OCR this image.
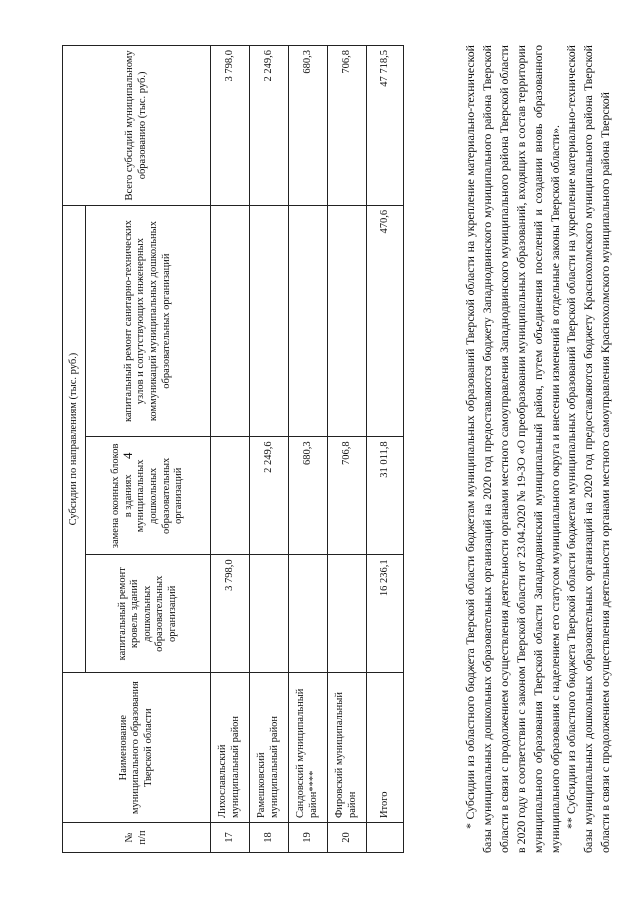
4
№ п/п	Наименование муниципального образования Тверской области	Субсидии по направлениям (тыс. руб.)			Всего субсидий муниципальному образованию (тыс. руб.)
		капитальный ремонт кровель зданий дошкольных образовательных организаций	замена оконных блоков в зданиях муниципальных дошкольных образовательных организаций	капитальный ремонт санитарно-технических узлов и сопутствующих инженерных коммуникаций муниципальных дошкольных образовательных организаций	
17	Лихославльский муниципальный район	3 798,0			3 798,0
18	Рамешковский муниципальный район		2 249,6		2 249,6
19	Сандовский муниципальный район****		680,3		680,3
20	Фировский муниципальный район		706,8		706,8
	Итого	16 236,1	31 011,8	470,6	47 718,5	* Субсидии из областного бюджета Тверской области бюджетам муниципальных образований Тверской области на укрепление материально-технической базы муниципальных дошкольных образовательных организаций на 2020 год предоставляются бюджету Западнодвинского муниципального района Тверской области в связи с продолжением осуществления деятельности органами местного самоуправления Западнодвинского муниципального района Тверской области в 2020 году в соответствии с законом Тверской области от 23.04.2020 № 19-ЗО «О преобразовании муниципальных образований, входящих в состав территории муниципального образования Тверской области Западнодвинский муниципальный район, путем объединения поселений и создании вновь образованного муниципального образования с наделением его статусом муниципального округа и внесении изменений в отдельные законы Тверской области». ** Субсидии из областного бюджета Тверской области бюджетам муниципальных образований Тверской области на укрепление материально-технической базы муниципальных дошкольных образовательных организаций на 2020 год предоставляются бюджету Краснохолмского муниципального района Тверской области в связи с продолжением осуществления деятельности органами местного самоуправления Краснохолмского муниципального района Тверской
